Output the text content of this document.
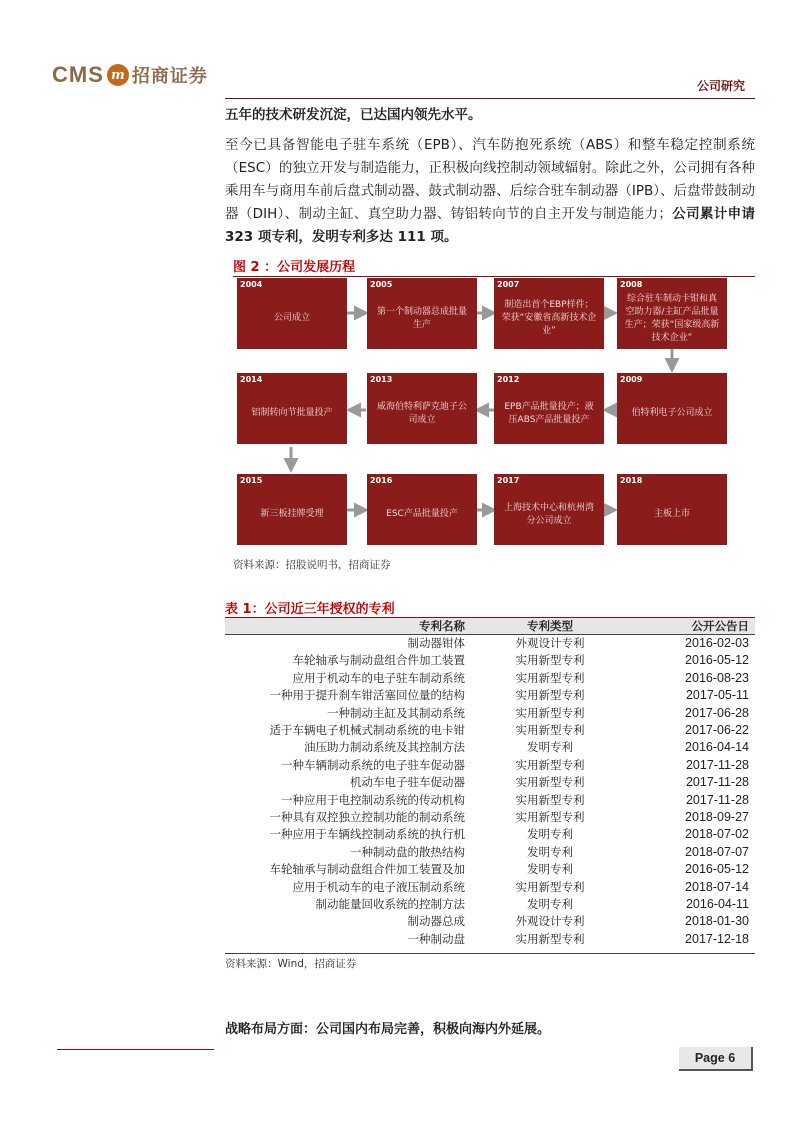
CMS m 招商证券	公司研究
五年的技术研发沉淀，已达国内领先水平。
至今已具备智能电子驻车系统（EPB）、汽车防抱死系统（ABS）和整车稳定控制系统（ESC）的独立开发与制造能力，正积极向线控制动领域辐射。除此之外，公司拥有各种乘用车与商用车前后盘式制动器、鼓式制动器、后综合驻车制动器（IPB）、后盘带鼓制动器（DIH）、制动主缸、真空助力器、铸铝转向节的自主开发与制造能力；公司累计申请 323 项专利，发明专利多达 111 项。
图 2 ：公司发展历程
2004
公司成立
2005
第一个制动器总成批量生产
2007
制造出首个EBP样件；荣获“安徽省高新技术企业”
2008
综合驻车制动卡钳和真空助力器/主缸产品批量生产；荣获“国家级高新技术企业”
2009
伯特利电子公司成立
2012
EPB产品批量投产；液压ABS产品批量投产
2013
威海伯特利萨克迪子公司成立
2014
铝制转向节批量投产
2015
新三板挂牌受理
2016
ESC产品批量投产
2017
上海技术中心和杭州湾分公司成立
2018
主板上市
资料来源：招股说明书，招商证券
表 1：公司近三年授权的专利
专利名称	专利类型	公开公告日
制动器钳体	外观设计专利	2016-02-03
车轮轴承与制动盘组合件加工装置	实用新型专利	2016-05-12
应用于机动车的电子驻车制动系统	实用新型专利	2016-08-23
一种用于提升刹车钳活塞回位量的结构	实用新型专利	2017-05-11
一种制动主缸及其制动系统	实用新型专利	2017-06-28
适于车辆电子机械式制动系统的电卡钳	实用新型专利	2017-06-22
油压助力制动系统及其控制方法	发明专利	2016-04-14
一种车辆制动系统的电子驻车促动器	实用新型专利	2017-11-28
机动车电子驻车促动器	实用新型专利	2017-11-28
一种应用于电控制动系统的传动机构	实用新型专利	2017-11-28
一种具有双控独立控制功能的制动系统	实用新型专利	2018-09-27
一种应用于车辆线控制动系统的执行机	发明专利	2018-07-02
一种制动盘的散热结构	发明专利	2018-07-07
车轮轴承与制动盘组合件加工装置及加	发明专利	2016-05-12
应用于机动车的电子液压制动系统	实用新型专利	2018-07-14
制动能量回收系统的控制方法	发明专利	2016-04-11
制动器总成	外观设计专利	2018-01-30
一种制动盘	实用新型专利	2017-12-18
资料来源：Wind，招商证券
战略布局方面：公司国内布局完善，积极向海内外延展。
Page 6
